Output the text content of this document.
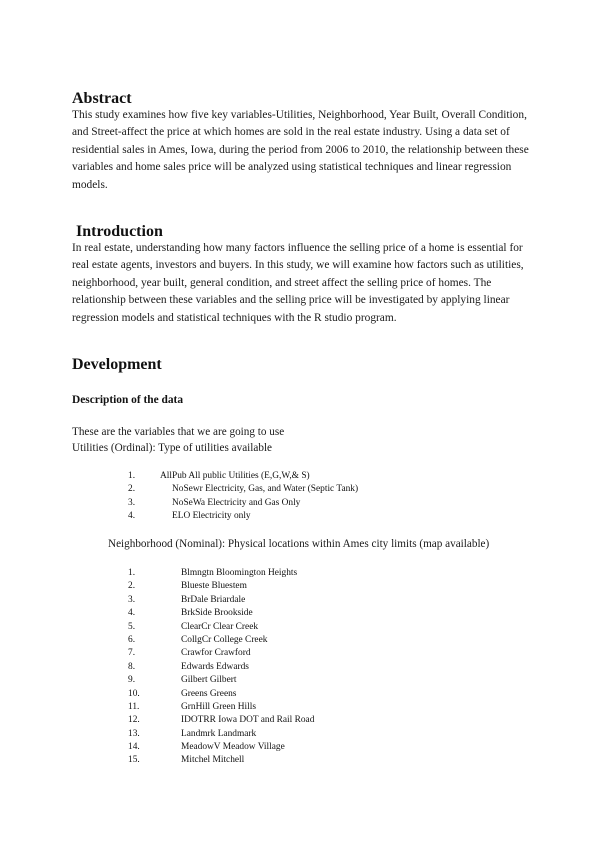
Abstract

This study examines how five key variables-Utilities, Neighborhood, Year Built, Overall Condition, and Street-affect the price at which homes are sold in the real estate industry. Using a data set of residential sales in Ames, Iowa, during the period from 2006 to 2010, the relationship between these variables and home sales price will be analyzed using statistical techniques and linear regression models.

Introduction

In real estate, understanding how many factors influence the selling price of a home is essential for real estate agents, investors and buyers. In this study, we will examine how factors such as utilities, neighborhood, year built, general condition, and street affect the selling price of homes. The relationship between these variables and the selling price will be investigated by applying linear regression models and statistical techniques with the R studio program.

Development

Description of the data

These are the variables that we are going to use

Utilities (Ordinal): Type of utilities available

1.	AllPub All public Utilities (E,G,W,& S)
2.	NoSewr Electricity, Gas, and Water (Septic Tank)
3.	NoSeWa Electricity and Gas Only
4.	ELO Electricity only

Neighborhood (Nominal): Physical locations within Ames city limits (map available)

1.	Blmngtn Bloomington Heights
2.	Blueste Bluestem
3.	BrDale Briardale
4.	BrkSide Brookside
5.	ClearCr Clear Creek
6.	CollgCr College Creek
7.	Crawfor Crawford
8.	Edwards Edwards
9.	Gilbert Gilbert
10.	Greens Greens
11.	GrnHill Green Hills
12.	IDOTRR Iowa DOT and Rail Road
13.	Landmrk Landmark
14.	MeadowV Meadow Village
15.	Mitchel Mitchell
